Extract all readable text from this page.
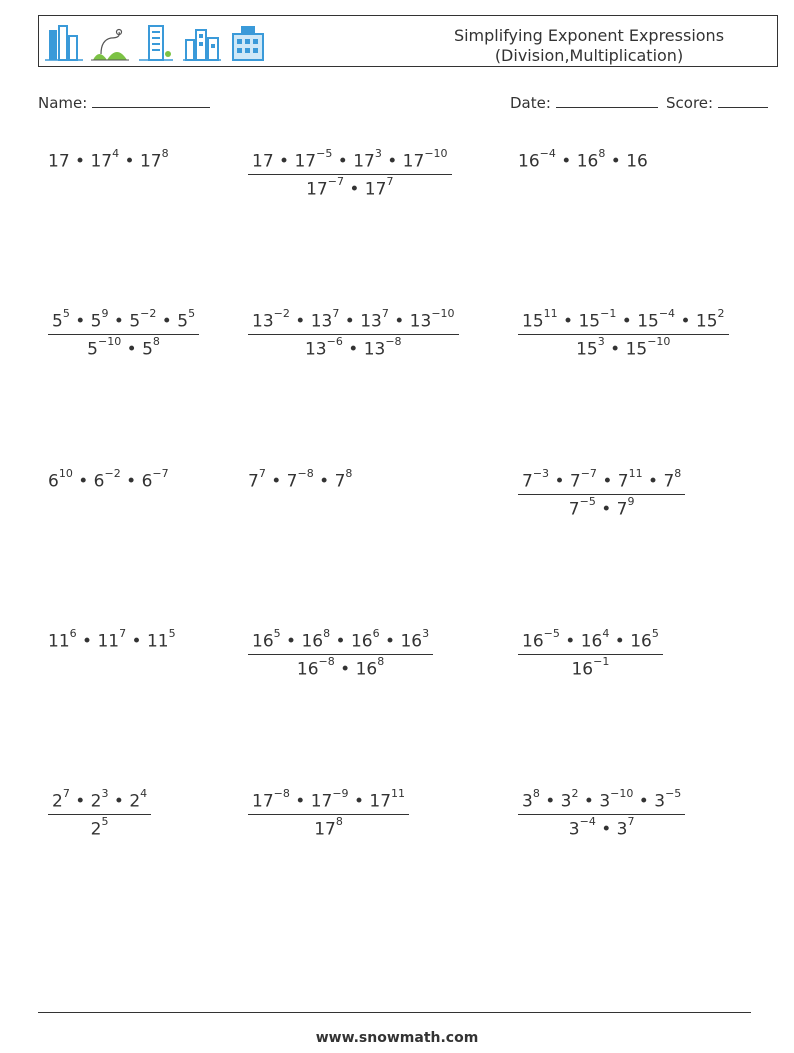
Simplifying Exponent Expressions
(Division,Multiplication)
Name:	Date:	Score:
17 • $17^4$ • $17^8$	$\frac{17 • 17^{-5} • 17^3 • 17^{-10}}{17^{-7} • 17^7}$	$16^{-4}$ • $16^8$ • 16
$\frac{5^5 • 5^9 • 5^{-2} • 5^5}{5^{-10} • 5^8}$	$\frac{13^{-2} • 13^7 • 13^7 • 13^{-10}}{13^{-6} • 13^{-8}}$	$\frac{15^{11} • 15^{-1} • 15^{-4} • 15^2}{15^3 • 15^{-10}}$
$6^{10}$ • $6^{-2}$ • $6^{-7}$	$7^7$ • $7^{-8}$ • $7^8$	$\frac{7^{-3} • 7^{-7} • 7^{11} • 7^8}{7^{-5} • 7^9}$
$11^6$ • $11^7$ • $11^5$	$\frac{16^5 • 16^8 • 16^6 • 16^3}{16^{-8} • 16^8}$	$\frac{16^{-5} • 16^4 • 16^5}{16^{-1}}$
$\frac{2^7 • 2^3 • 2^4}{2^5}$	$\frac{17^{-8} • 17^{-9} • 17^{11}}{17^8}$	$\frac{3^8 • 3^2 • 3^{-10} • 3^{-5}}{3^{-4} • 3^7}$
www.snowmath.com
